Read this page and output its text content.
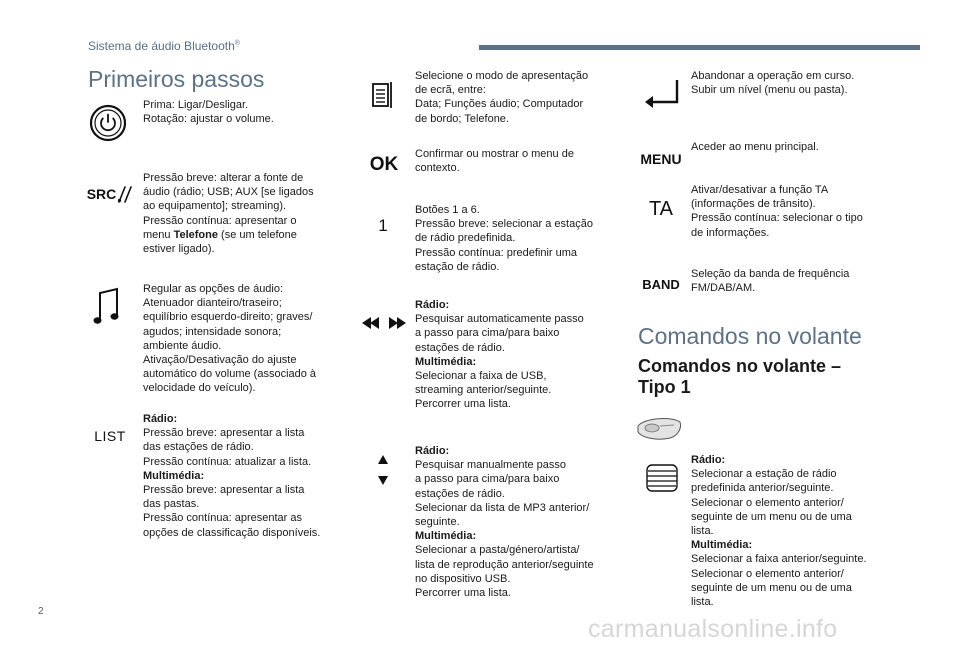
Sistema de áudio Bluetooth®
Primeiros passos
Prima: Ligar/Desligar.
Rotação: ajustar o volume.
SRC
Pressão breve: alterar a fonte de
áudio (rádio; USB; AUX [se ligados
ao equipamento]; streaming).
Pressão contínua: apresentar o
menu Telefone (se um telefone
estiver ligado).
Regular as opções de áudio:
Atenuador dianteiro/traseiro;
equilíbrio esquerdo-direito; graves/
agudos; intensidade sonora;
ambiente áudio.
Ativação/Desativação do ajuste
automático do volume (associado à
velocidade do veículo).
LIST
Rádio:
Pressão breve: apresentar a lista
das estações de rádio.
Pressão contínua: atualizar a lista.
Multimédia:
Pressão breve: apresentar a lista
das pastas.
Pressão contínua: apresentar as
opções de classificação disponíveis.
Selecione o modo de apresentação
de ecrã, entre:
Data; Funções áudio; Computador
de bordo; Telefone.
OK Confirmar ou mostrar o menu de
contexto.
1
Botões 1 a 6.
Pressão breve: selecionar a estação
de rádio predefinida.
Pressão contínua: predefinir uma
estação de rádio.
Rádio:
Pesquisar automaticamente passo
a passo para cima/para baixo
estações de rádio.
Multimédia:
Selecionar a faixa de USB,
streaming anterior/seguinte.
Percorrer uma lista.
Rádio:
Pesquisar manualmente passo
a passo para cima/para baixo
estações de rádio.
Selecionar da lista de MP3 anterior/
seguinte.
Multimédia:
Selecionar a pasta/género/artista/
lista de reprodução anterior/seguinte
no dispositivo USB.
Percorrer uma lista.
Abandonar a operação em curso.
Subir um nível (menu ou pasta).
MENU
Aceder ao menu principal.
TA
Ativar/desativar a função TA
(informações de trânsito).
Pressão contínua: selecionar o tipo
de informações.
BAND
Seleção da banda de frequência
FM/DAB/AM.
Comandos no volante
Comandos no volante –
Tipo 1
Rádio:
Selecionar a estação de rádio
predefinida anterior/seguinte.
Selecionar o elemento anterior/
seguinte de um menu ou de uma
lista.
Multimédia:
Selecionar a faixa anterior/seguinte.
Selecionar o elemento anterior/
seguinte de um menu ou de uma
lista.
2
carmanualsonline.info
